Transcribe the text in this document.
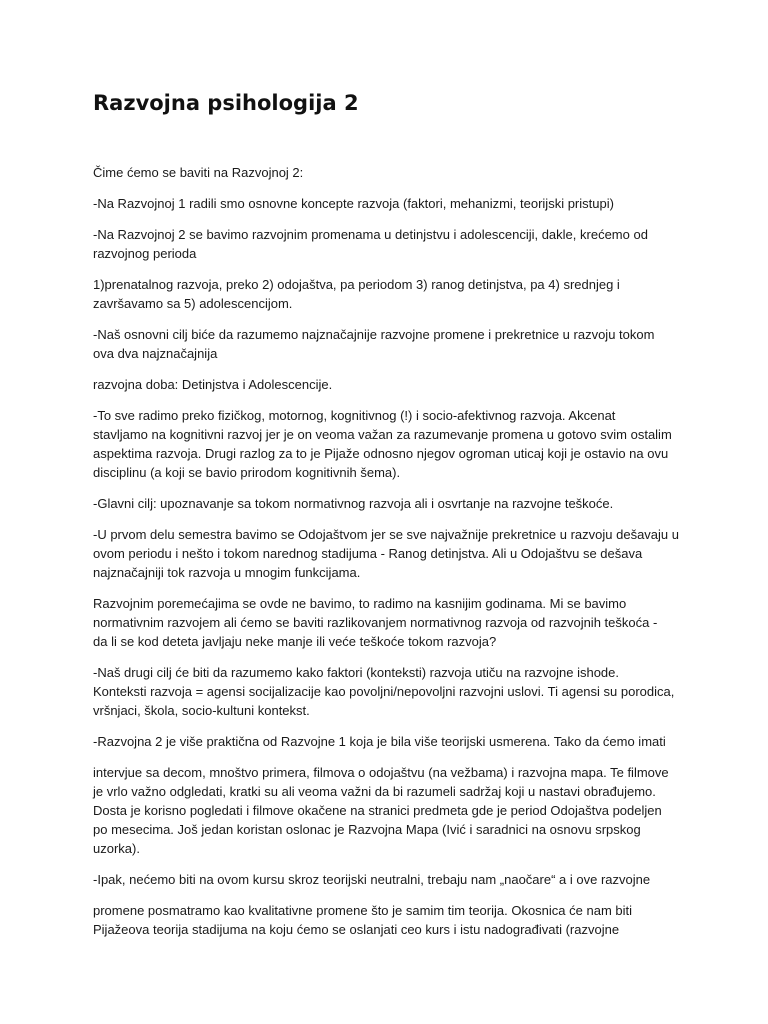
Razvojna psihologija 2

Čime ćemo se baviti na Razvojnoj 2:

-Na Razvojnoj 1 radili smo osnovne koncepte razvoja (faktori, mehanizmi, teorijski pristupi)

-Na Razvojnoj 2 se bavimo razvojnim promenama u detinjstvu i adolescenciji, dakle, krećemo od
razvojnog perioda

1)prenatalnog razvoja, preko 2) odojaštva, pa periodom 3) ranog detinjstva, pa 4) srednjeg i
završavamo sa 5) adolescencijom.

-Naš osnovni cilj biće da razumemo najznačajnije razvojne promene i prekretnice u razvoju tokom
ova dva najznačajnija

razvojna doba: Detinjstva i Adolescencije.

-To sve radimo preko fizičkog, motornog, kognitivnog (!) i socio-afektivnog razvoja. Akcenat
stavljamo na kognitivni razvoj jer je on veoma važan za razumevanje promena u gotovo svim ostalim
aspektima razvoja. Drugi razlog za to je Pijaže odnosno njegov ogroman uticaj koji je ostavio na ovu
disciplinu (a koji se bavio prirodom kognitivnih šema).

-Glavni cilj: upoznavanje sa tokom normativnog razvoja ali i osvrtanje na razvojne teškoće.

-U prvom delu semestra bavimo se Odojaštvom jer se sve najvažnije prekretnice u razvoju dešavaju u
ovom periodu i nešto i tokom narednog stadijuma - Ranog detinjstva. Ali u Odojaštvu se dešava
najznačajniji tok razvoja u mnogim funkcijama.

Razvojnim poremećajima se ovde ne bavimo, to radimo na kasnijim godinama. Mi se bavimo
normativnim razvojem ali ćemo se baviti razlikovanjem normativnog razvoja od razvojnih teškoća -
da li se kod deteta javljaju neke manje ili veće teškoće tokom razvoja?

-Naš drugi cilj će biti da razumemo kako faktori (konteksti) razvoja utiču na razvojne ishode.
Konteksti razvoja = agensi socijalizacije kao povoljni/nepovoljni razvojni uslovi. Ti agensi su porodica,
vršnjaci, škola, socio-kultuni kontekst.

-Razvojna 2 je više praktična od Razvojne 1 koja je bila više teorijski usmerena. Tako da ćemo imati

intervjue sa decom, mnoštvo primera, filmova o odojaštvu (na vežbama) i razvojna mapa. Te filmove
je vrlo važno odgledati, kratki su ali veoma važni da bi razumeli sadržaj koji u nastavi obrađujemo.
Dosta je korisno pogledati i filmove okačene na stranici predmeta gde je period Odojaštva podeljen
po mesecima. Još jedan koristan oslonac je Razvojna Mapa (Ivić i saradnici na osnovu srpskog
uzorka).

-Ipak, nećemo biti na ovom kursu skroz teorijski neutralni, trebaju nam „naočare“ a i ove razvojne

promene posmatramo kao kvalitativne promene što je samim tim teorija. Okosnica će nam biti
Pijažeova teorija stadijuma na koju ćemo se oslanjati ceo kurs i istu nadograđivati (razvojne
